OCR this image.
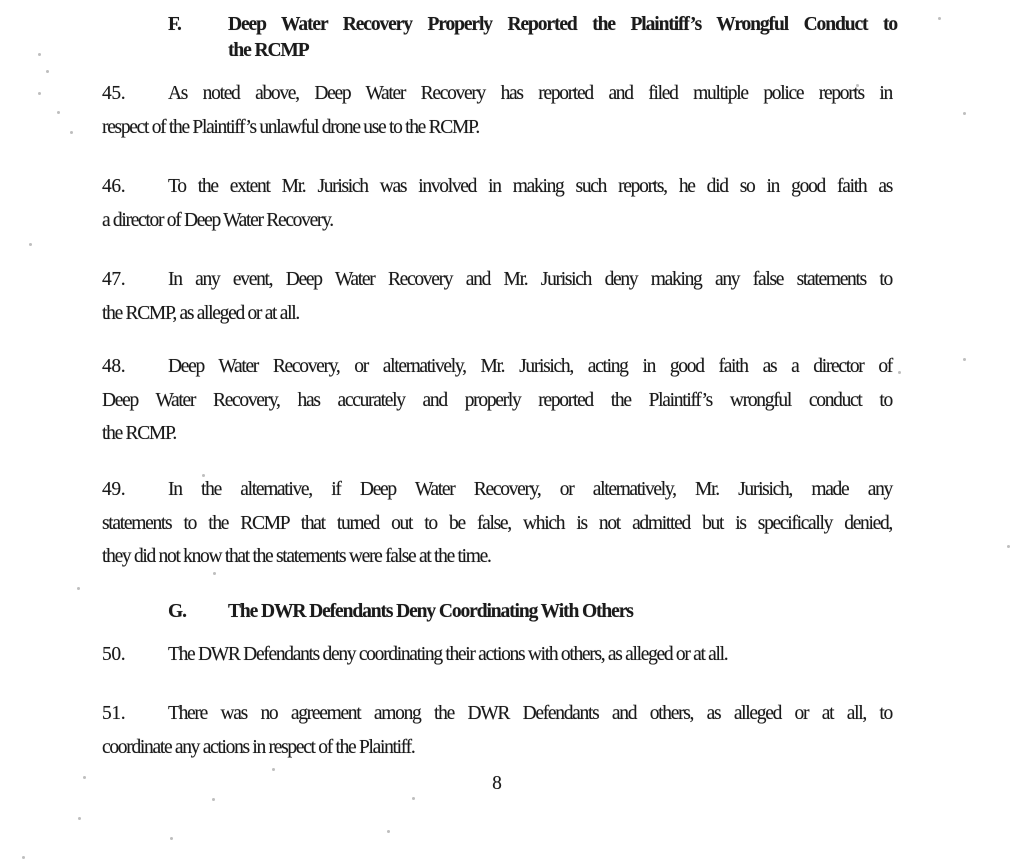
F.	Deep Water Recovery Properly Reported the Plaintiff’s Wrongful Conduct to
the RCMP
45. As noted above, Deep Water Recovery has reported and filed multiple police reports in
respect of the Plaintiff’s unlawful drone use to the RCMP.
46. To the extent Mr. Jurisich was involved in making such reports, he did so in good faith as
a director of Deep Water Recovery.
47. In any event, Deep Water Recovery and Mr. Jurisich deny making any false statements to
the RCMP, as alleged or at all.
48. Deep Water Recovery, or alternatively, Mr. Jurisich, acting in good faith as a director of
Deep Water Recovery, has accurately and properly reported the Plaintiff’s wrongful conduct to
the RCMP.
49. In the alternative, if Deep Water Recovery, or alternatively, Mr. Jurisich, made any
statements to the RCMP that turned out to be false, which is not admitted but is specifically denied,
they did not know that the statements were false at the time.
G.	The DWR Defendants Deny Coordinating With Others
50. The DWR Defendants deny coordinating their actions with others, as alleged or at all.
51. There was no agreement among the DWR Defendants and others, as alleged or at all, to
coordinate any actions in respect of the Plaintiff.
8
